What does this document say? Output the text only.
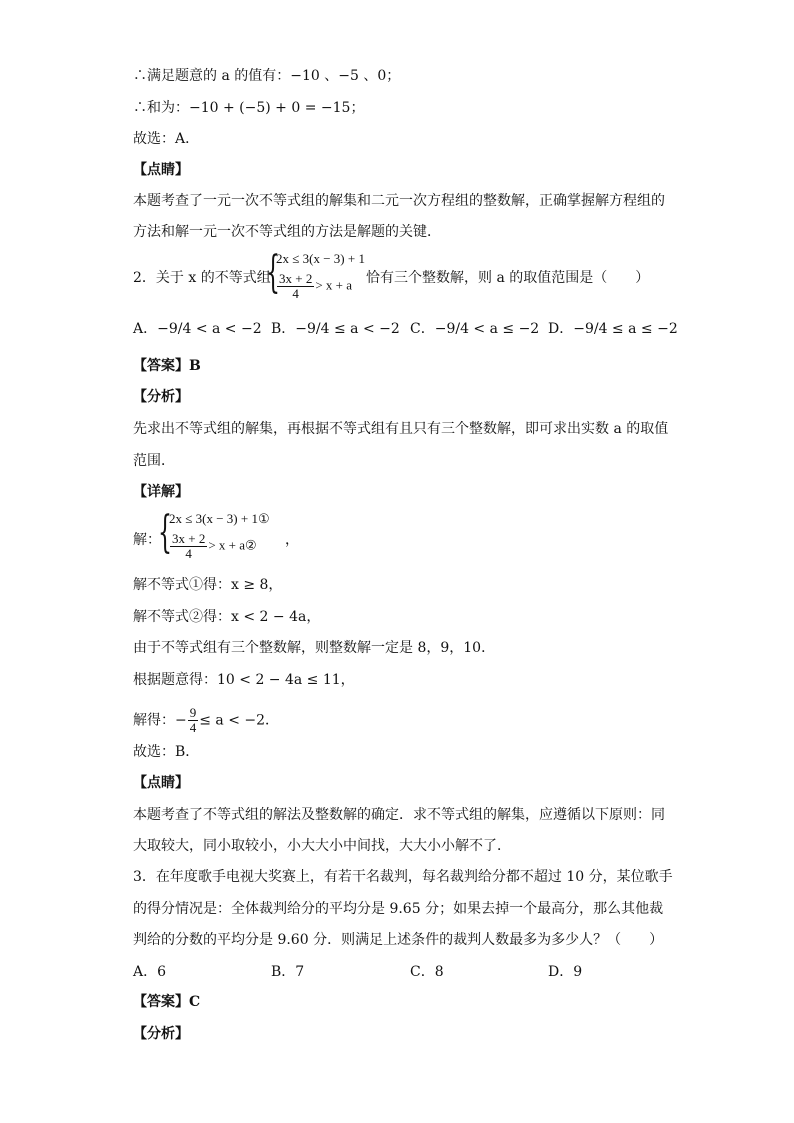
∴满足题意的 a 的值有：−10 、−5 、0；
∴和为：−10 + (−5) + 0 = −15；
故选：A．
【点睛】
本题考查了一元一次不等式组的解集和二元一次方程组的整数解，正确掌握解方程组的
方法和解一元一次不等式组的方法是解题的关键．
2．关于 x 的不等式组
{
2x ≤ 3(x − 3) + 1
$\frac{3x + 2}{4} > x + a$ 恰有三个整数解，则 a 的取值范围是（　　）
A．−9/4 < a < −2 B．−9/4 ≤ a < −2 C．−9/4 < a ≤ −2 D．−9/4 ≤ a ≤ −2
【答案】B
【分析】
先求出不等式组的解集，再根据不等式组有且只有三个整数解，即可求出实数 a 的取值
范围．
【详解】
解：
{
2x ≤ 3(x − 3) + 1①
$\frac{3x + 2}{4} > x$ + a② ，
解不等式①得：x ≥ 8，
解不等式②得：x < 2 − 4a，
由于不等式组有三个整数解，则整数解一定是 8，9，10．
根据题意得：10 < 2 − 4a ≤ 11，
解得：− $\frac{9}{4} \le a < -2$．
故选：B．
【点睛】
本题考查了不等式组的解法及整数解的确定．求不等式组的解集，应遵循以下原则：同
大取较大，同小取较小，小大大小中间找，大大小小解不了．
3．在年度歌手电视大奖赛上，有若干名裁判，每名裁判给分都不超过 10 分，某位歌手
的得分情况是：全体裁判给分的平均分是 9.65 分；如果去掉一个最高分，那么其他裁
判给的分数的平均分是 9.60 分．则满足上述条件的裁判人数最多为多少人？（　　）
A．6	B．7	C．8	D．9
【答案】C
【分析】
